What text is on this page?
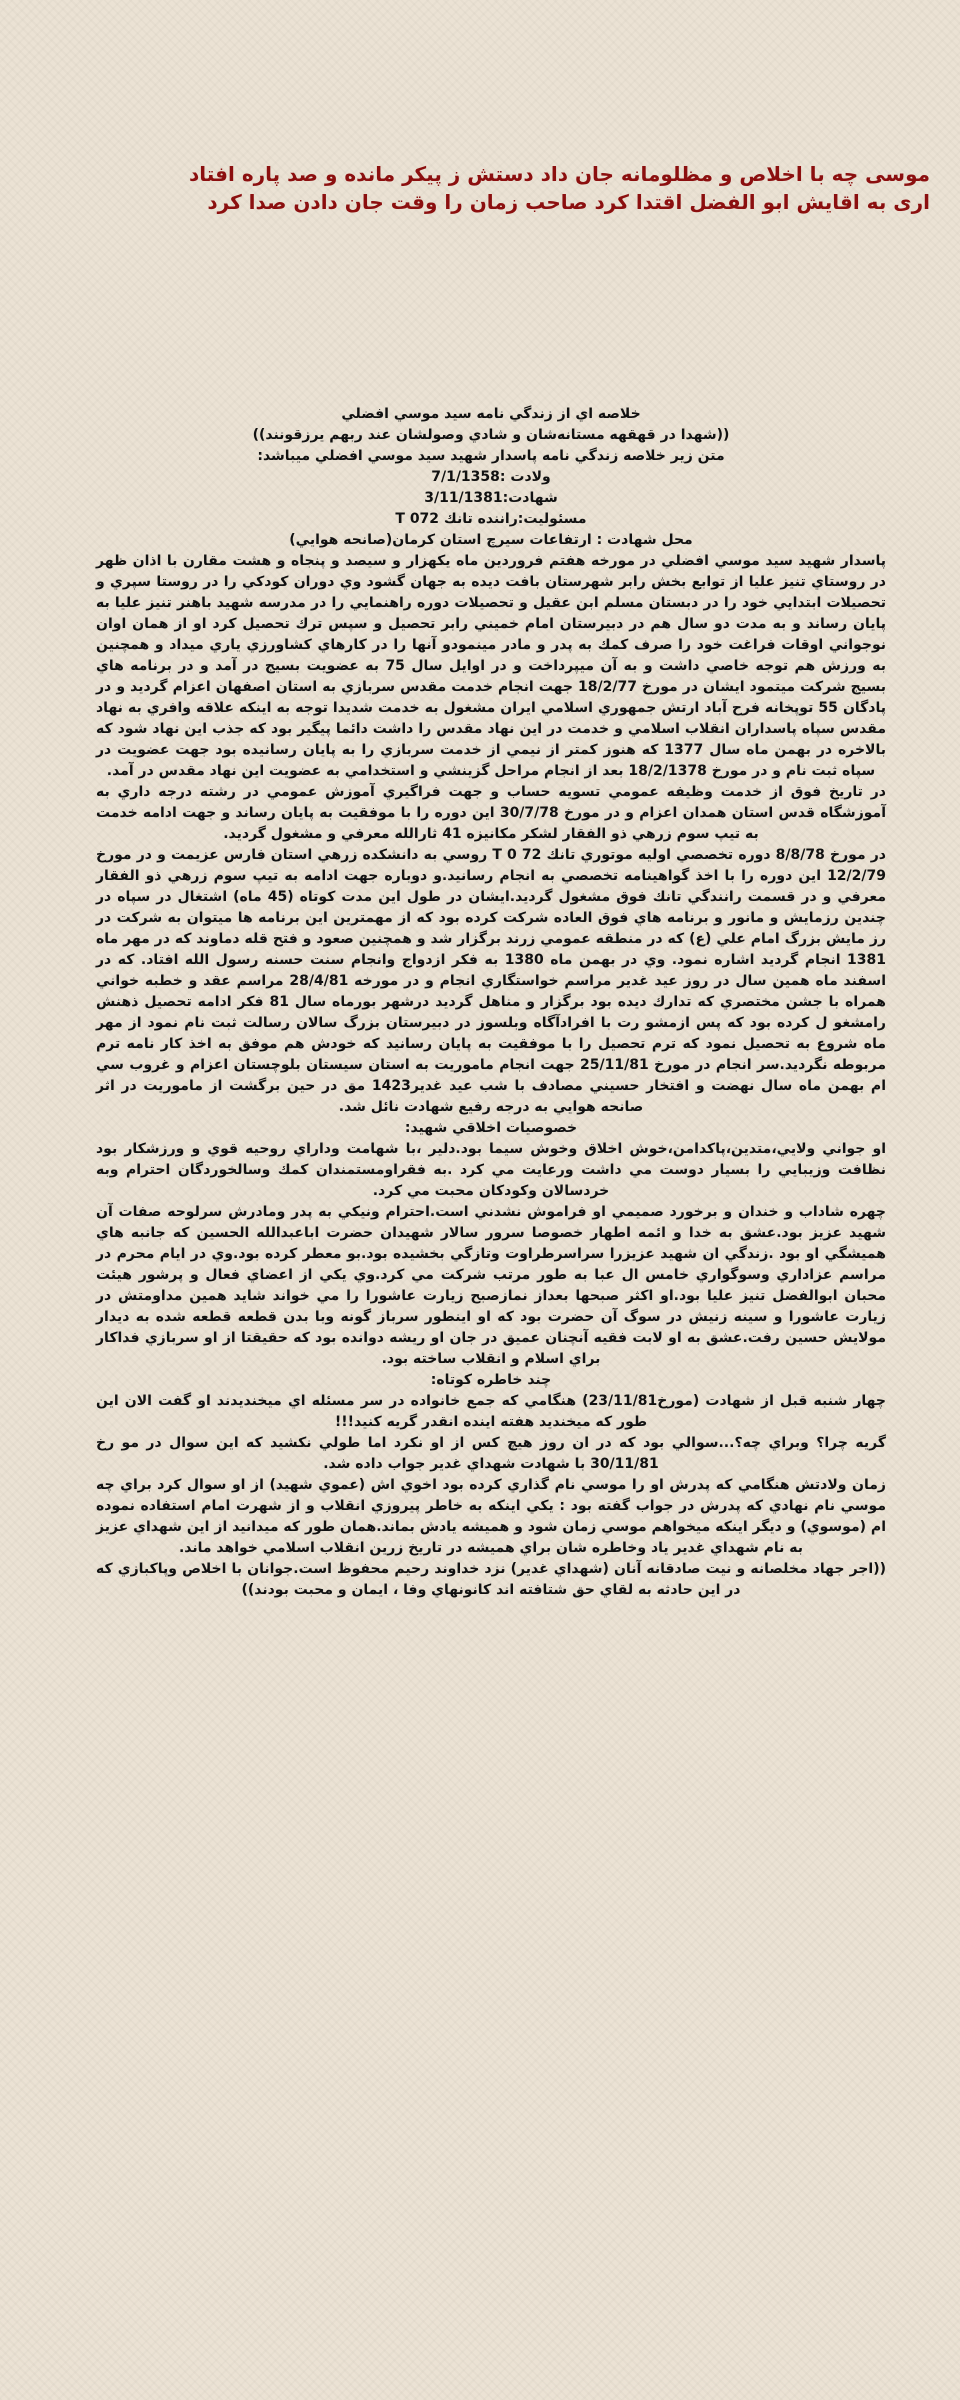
موسی چه با اخلاص و مظلومانه جان داد دستش ز پیکر مانده و صد پاره افتاد
اری به اقایش ابو الفضل اقتدا کرد صاحب زمان را وقت جان دادن صدا کرد
خلاصه اي از زندگي نامه سيد موسي افضلي
((شهدا در قهقهه مستانه‌شان و شادي وصولشان عند ربهم يرزقونند))
متن زير خلاصه زندگي نامه پاسدار شهيد سيد موسي افضلي ميباشد:
ولادت :7/1/1358
شهادت:3/11/1381
مسئوليت:راننده تانك T 072
محل شهادت : ارتفاعات سيرچ استان كرمان(صانحه هوايي)

پاسدار شهيد سيد موسي افضلي در مورخه هفتم فروردين ماه يكهزار و سيصد و پنجاه و هشت مقارن با اذان ظهر در روستاي تنيز عليا از توابع بخش رابر شهرستان بافت ديده به جهان گشود وي دوران كودكي را در روستا سپري و تحصيلات ابتدايي خود را در دبستان مسلم ابن عقيل و تحصيلات دوره راهنمايي را در مدرسه شهيد باهنر تنيز عليا به پايان رساند و به مدت دو سال هم در دبيرستان امام خميني رابر تحصيل و سپس ترك تحصيل كرد او از همان اوان نوجواني اوقات فراغت خود را صرف كمك به پدر و مادر مينمودو آنها را در كارهاي كشاورزي ياري ميداد و همچنين به ورزش هم توجه خاصي داشت و به آن ميپرداخت و در اوايل سال 75 به عضويت بسيج در آمد و در برنامه هاي بسيج شركت ميتمود ايشان در مورخ 18/2/77 جهت انجام خدمت مقدس سربازي به استان اصفهان اعزام گرديد و در پادگان 55 توپخانه فرح آباد ارتش جمهوري اسلامي ايران مشغول به خدمت شديدا توجه به اينكه علاقه وافري به نهاد مقدس سپاه پاسداران انقلاب اسلامي و خدمت در اين نهاد مقدس را داشت دائما پيگير بود كه جذب اين نهاد شود كه بالاخره در بهمن ماه سال 1377 كه هنوز كمتر از نيمي از خدمت سربازي را به پايان رسانيده بود جهت عضويت در سپاه ثبت نام و در مورخ 18/2/1378 بعد از انجام مراحل گزينشي و استخدامي به عضويت اين نهاد مقدس در آمد.

در تاريخ فوق از خدمت وظيفه عمومي تسويه حساب و جهت فراگيري آموزش عمومي در رشته درجه داري به آموزشگاه قدس استان همدان اعزام و در مورخ 30/7/78 اين دوره را با موفقيت به پايان رساند و جهت ادامه خدمت به تيپ سوم زرهي ذو الفقار لشكر مكانيزه 41 ثارالله معرفي و مشغول گرديد.

در مورخ 8/8/78 دوره تخصصي اوليه موتوري تانك T 0 72 روسي به دانشكده زرهي استان فارس عزيمت و در مورخ 12/2/79 اين دوره را با اخذ گواهينامه تخصصي به انجام رسانيد.و دوباره جهت ادامه به تيپ سوم زرهي ذو الفقار معرفي و در قسمت رانندگي تانك فوق مشغول گرديد.ايشان در طول اين مدت كوتاه (45 ماه) اشتغال در سپاه در چندين رزمايش و مانور و برنامه هاي فوق العاده شركت كرده بود كه از مهمترين اين برنامه ها ميتوان به شركت در رز مايش بزرگ امام علي (ع) كه در منطقه عمومي زرند برگزار شد و همچنين صعود و فتح قله دماوند كه در مهر ماه 1381 انجام گرديد اشاره نمود. وي در بهمن ماه 1380 به فكر ازدواج وانجام سنت حسنه رسول الله افتاد. كه در اسفند ماه همين سال در روز عيد غدير مراسم خواستگاري انجام و در مورخه 28/4/81 مراسم عقد و خطبه خواني همراه با جشن مختصري كه تدارك ديده بود برگزار و مناهل گرديد درشهر بورماه سال 81 فكر ادامه تحصيل ذهنش رامشغو ل كرده بود كه پس ازمشو رت با افرادآگاه وبلسوز در دبيرستان بزرگ سالان رسالت ثبت نام نمود از مهر ماه شروع به تحصيل نمود كه ترم تحصيل را با موفقيت به پايان رسانيد كه خودش هم موفق به اخذ كار نامه ترم مربوطه نگرديد.سر انجام در مورخ 25/11/81 جهت انجام ماموريت به استان سيستان بلوچستان اعزام و غروب سي ام بهمن ماه سال نهضت و افتخار حسيني مصادف با شب عيد غدير1423 مق در حين برگشت از ماموريت در اثر صانحه هوايي به درجه رفيع شهادت نائل شد.

خصوصيات اخلاقي شهيد:

او جواني ولايي،متدين،پاكدامن،خوش اخلاق وخوش سيما بود.دلير ،با شهامت وداراي روحيه قوي و ورزشكار بود نظافت وزيبايي را بسيار دوست مي داشت ورعايت مي كرد .به فقراومستمندان كمك وسالخوردگان احترام وبه خردسالان وكودكان محبت مي كرد.

چهره شاداب و خندان و برخورد صميمي او فراموش نشدني است.احترام ونيكي به پدر ومادرش سرلوحه صفات آن شهيد عزيز بود.عشق به خدا و ائمه اطهار خصوصا سرور سالار شهيدان حضرت ابا‌عبدالله الحسين كه جانبه هاي هميشگي او بود .زندگي ان شهيد عزيزرا سراسرطراوت وتازگي بخشيده بود.بو معطر كرده بود.وي در ايام محرم در مراسم عزاداري وسوگواري خامس ال عبا به طور مرتب شركت مي كرد.وي يكي از اعضاي فعال و پرشور هيئت محبان ابوالفضل تنيز عليا بود.او اكثر صبحها بعداز نمازصبح زيارت عاشورا را مي خواند شايد همين مداومتش در زيارت عاشورا و سينه زنيش در سوگ آن حضرت بود كه او اينطور سرباز گونه وبا بدن قطعه قطعه شده به ديدار مولايش حسين رفت.عشق به او لابت فقيه آنچنان عميق در جان او ريشه دوانده بود كه حقيقتا از او سربازي فداكار براي اسلام و انقلاب ساخته بود.

چند خاطره كوتاه:

چهار شنبه قبل از شهادت (مورخ23/11/81) هنگامي كه جمع خانواده در سر مسئله اي ميخنديدند او گفت الان اين طور كه ميخنديد هفته اينده انقدر گريه كنيد!!!

گريه چرا؟ وبراي چه؟...سوالي بود كه در ان روز هيچ كس از او نكرد اما طولي نكشيد كه اين سوال در مو رخ 30/11/81 با شهادت شهداي غدير جواب داده شد.

زمان ولادتش هنگامي كه پدرش او را موسي نام گذاري كرده بود اخوي اش (عموي شهيد) از او سوال كرد براي چه موسي نام نهادي كه پدرش در جواب گفته بود : يكي اينكه به خاطر پيروزي انقلاب و از شهرت امام استفاده نموده ام (موسوي) و ديگر اينكه ميخواهم موسي زمان شود و هميشه يادش بماند.همان طور كه ميدانيد از اين شهداي عزيز به نام شهداي غدير ياد وخاطره شان براي هميشه در تاريخ زرين انقلاب اسلامي خواهد ماند.

((اجر جهاد مخلصانه و نيت صادقانه آنان (شهداي غدير) نزد خداوند رحيم محفوظ است.جوانان با اخلاص وپاكبازي كه در اين حادثه به لقاي حق شتافته اند كانونهاي وفا ، ايمان و محبت بودند))
